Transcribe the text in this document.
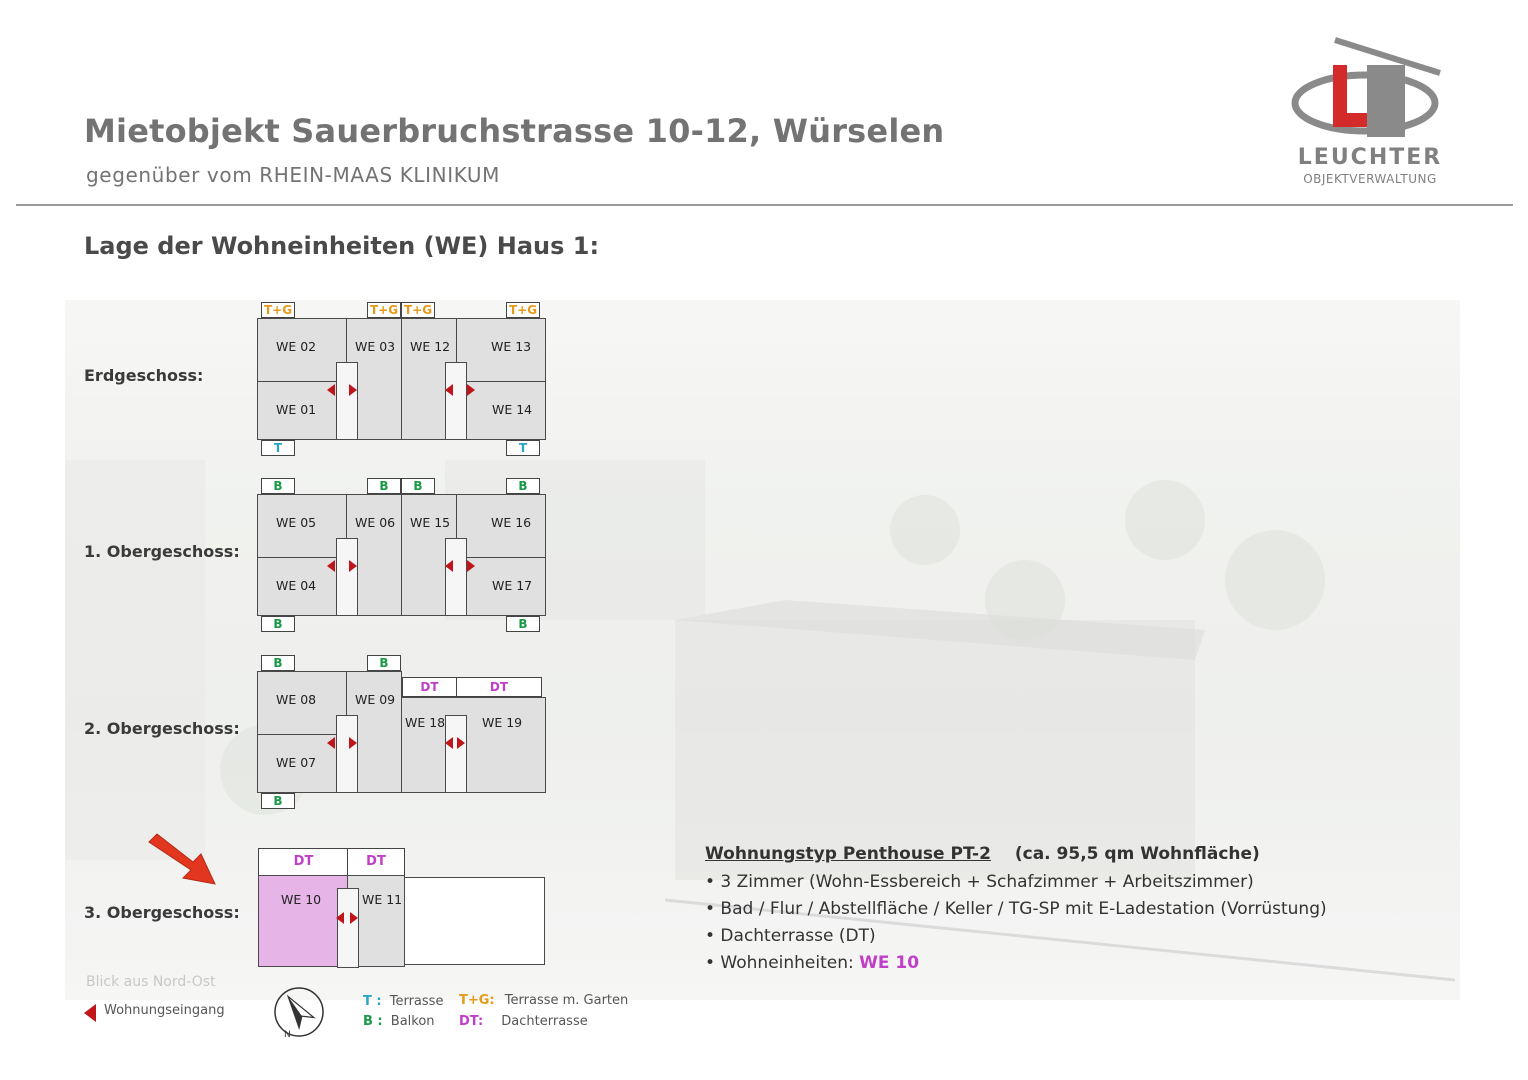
Mietobjekt Sauerbruchstrasse 10-12, Würselen
gegenüber vom RHEIN-MAAS KLINIKUM
LEUCHTER
OBJEKTVERWALTUNG
Lage der Wohneinheiten (WE) Haus 1:
Erdgeschoss:
1. Obergeschoss:
2. Obergeschoss:
3. Obergeschoss:
WE 02	WE 03 WE 12	WE 13
WE 01	WE 14
T+G	T+G T+G	T+G
T	T
WE 05	WE 06 WE 15	WE 16
WE 04	WE 17
B	B	B	B
B	B
WE 08	WE 09
WE 18	WE 19
WE 07
DT	DT
B	B
B
DT	DT
WE 10	WE 11
Wohnungstyp Penthouse PT-2 (ca. 95,5 qm Wohnfläche)
• 3 Zimmer (Wohn-Essbereich + Schafzimmer + Arbeitszimmer)
• Bad / Flur / Abstellfläche / Keller / TG-SP mit E-Ladestation (Vorrüstung)
• Dachterrasse (DT)
• Wohneinheiten: WE 10
Blick aus Nord-Ost
Wohnungseingang
N
T : Terrasse
B : Balkon
T+G: Terrasse m. Garten
DT: Dachterrasse
